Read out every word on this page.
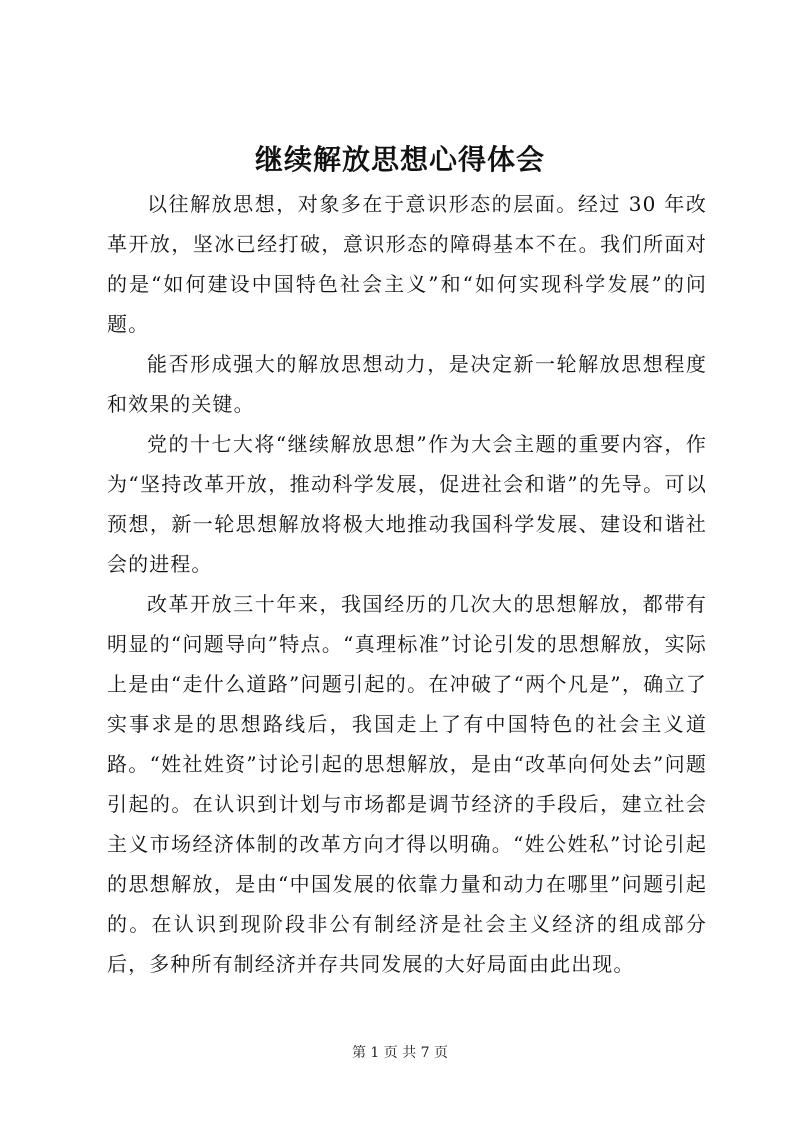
继续解放思想心得体会

以往解放思想，对象多在于意识形态的层面。经过 30 年改革开放，坚冰已经打破，意识形态的障碍基本不在。我们所面对的是“如何建设中国特色社会主义”和“如何实现科学发展”的问题。

能否形成强大的解放思想动力，是决定新一轮解放思想程度和效果的关键。

党的十七大将“继续解放思想”作为大会主题的重要内容，作为“坚持改革开放，推动科学发展，促进社会和谐”的先导。可以预想，新一轮思想解放将极大地推动我国科学发展、建设和谐社会的进程。

改革开放三十年来，我国经历的几次大的思想解放，都带有明显的“问题导向”特点。“真理标准”讨论引发的思想解放，实际上是由“走什么道路”问题引起的。在冲破了“两个凡是”，确立了实事求是的思想路线后，我国走上了有中国特色的社会主义道路。“姓社姓资”讨论引起的思想解放，是由“改革向何处去”问题引起的。在认识到计划与市场都是调节经济的手段后，建立社会主义市场经济体制的改革方向才得以明确。“姓公姓私”讨论引起的思想解放，是由“中国发展的依靠力量和动力在哪里”问题引起的。在认识到现阶段非公有制经济是社会主义经济的组成部分后，多种所有制经济并存共同发展的大好局面由此出现。

第 1 页 共 7 页
